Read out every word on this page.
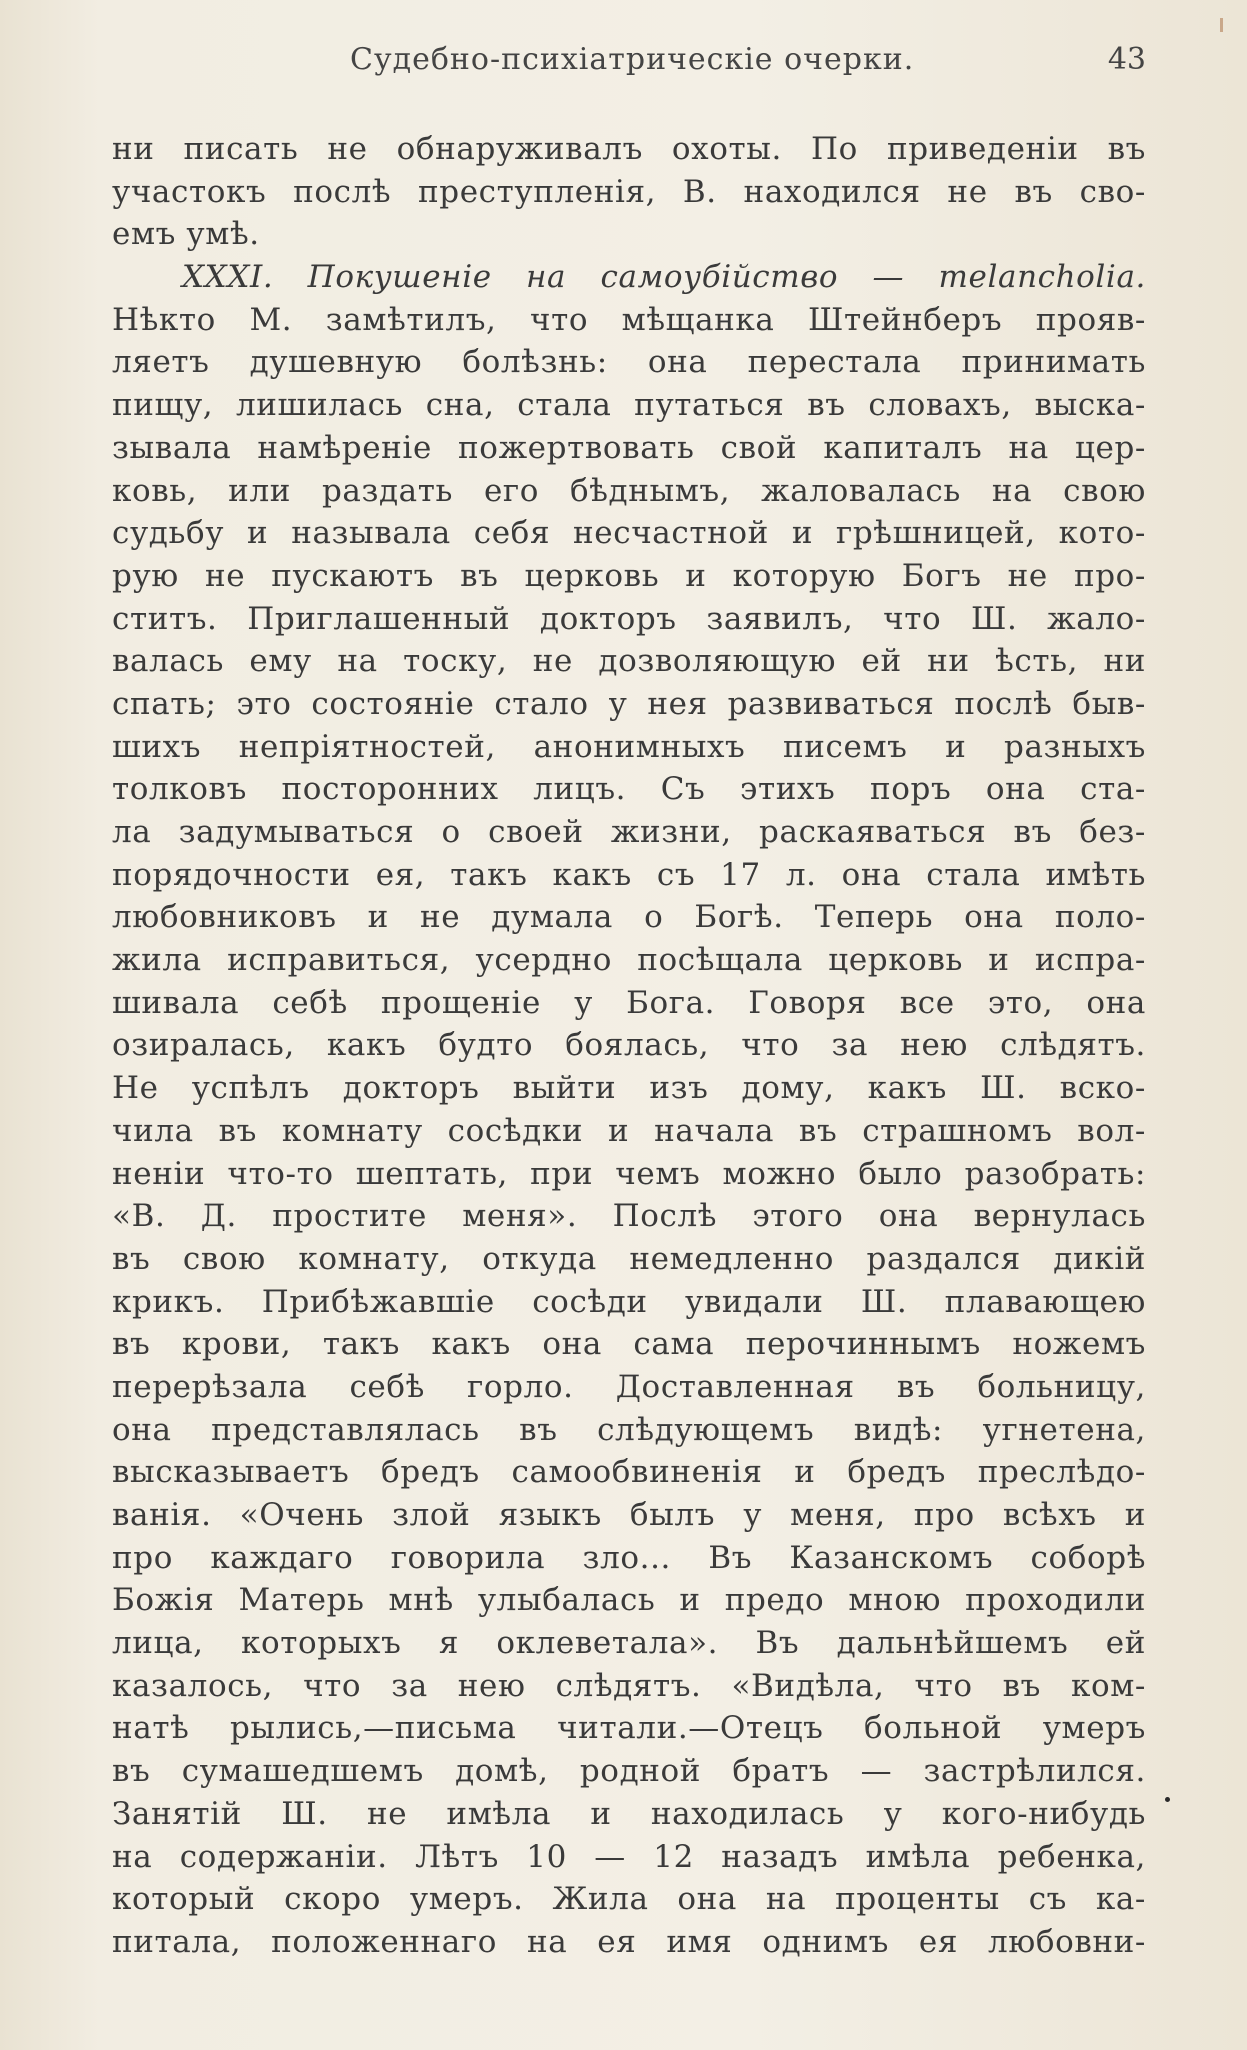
Судебно-психіатрическіе очерки.	43
ни писать не обнаруживалъ охоты. По приведеніи въ
участокъ послѣ преступленія, В. находился не въ сво-
емъ умѣ.
XXXI. Покушеніе на самоубійство — melancholia.
Нѣкто М. замѣтилъ, что мѣщанка Штейнберъ прояв-
ляетъ душевную болѣзнь: она перестала принимать
пищу, лишилась сна, стала путаться въ словахъ, выска-
зывала намѣреніе пожертвовать свой капиталъ на цер-
ковь, или раздать его бѣднымъ, жаловалась на свою
судьбу и называла себя несчастной и грѣшницей, кото-
рую не пускаютъ въ церковь и которую Богъ не про-
ститъ. Приглашенный докторъ заявилъ, что Ш. жало-
валась ему на тоску, не дозволяющую ей ни ѣсть, ни
спать; это состояніе стало у нея развиваться послѣ быв-
шихъ непріятностей, анонимныхъ писемъ и разныхъ
толковъ посторонних лицъ. Съ этихъ поръ она ста-
ла задумываться о своей жизни, раскаяваться въ без-
порядочности ея, такъ какъ съ 17 л. она стала имѣть
любовниковъ и не думала о Богѣ. Теперь она поло-
жила исправиться, усердно посѣщала церковь и испра-
шивала себѣ прощеніе у Бога. Говоря все это, она
озиралась, какъ будто боялась, что за нею слѣдятъ.
Не успѣлъ докторъ выйти изъ дому, какъ Ш. вско-
чила въ комнату сосѣдки и начала въ страшномъ вол-
неніи что-то шептать, при чемъ можно было разобрать:
«В. Д. простите меня». Послѣ этого она вернулась
въ свою комнату, откуда немедленно раздался дикій
крикъ. Прибѣжавшіе сосѣди увидали Ш. плавающею
въ крови, такъ какъ она сама перочиннымъ ножемъ
перерѣзала себѣ горло. Доставленная въ больницу,
она представлялась въ слѣдующемъ видѣ: угнетена,
высказываетъ бредъ самообвиненія и бредъ преслѣдо-
ванія. «Очень злой языкъ былъ у меня, про всѣхъ и
про каждаго говорила зло... Въ Казанскомъ соборѣ
Божія Матерь мнѣ улыбалась и предо мною проходили
лица, которыхъ я оклеветала». Въ дальнѣйшемъ ей
казалось, что за нею слѣдятъ. «Видѣла, что въ ком-
натѣ рылись,—письма читали.—Отецъ больной умеръ
въ сумашедшемъ домѣ, родной братъ — застрѣлился.
Занятій Ш. не имѣла и находилась у кого-нибудь
на содержаніи. Лѣтъ 10 — 12 назадъ имѣла ребенка,
который скоро умеръ. Жила она на проценты съ ка-
питала, положеннаго на ея имя однимъ ея любовни-
